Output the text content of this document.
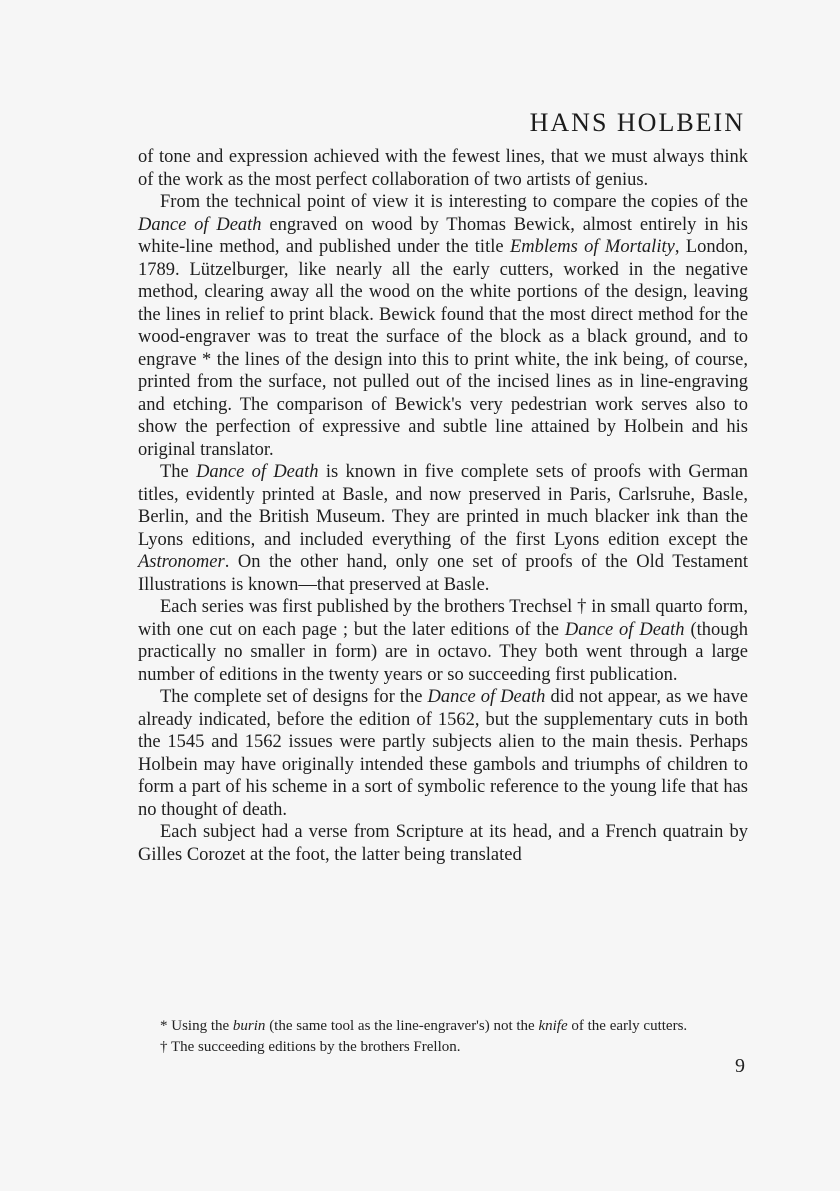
HANS HOLBEIN

of tone and expression achieved with the fewest lines, that we must always think of the work as the most perfect collaboration of two artists of genius.

From the technical point of view it is interesting to compare the copies of the Dance of Death engraved on wood by Thomas Bewick, almost entirely in his white-line method, and published under the title Emblems of Mortality, London, 1789. Lützelburger, like nearly all the early cutters, worked in the negative method, clearing away all the wood on the white portions of the design, leaving the lines in relief to print black. Bewick found that the most direct method for the wood-engraver was to treat the surface of the block as a black ground, and to engrave * the lines of the design into this to print white, the ink being, of course, printed from the surface, not pulled out of the incised lines as in line-engraving and etching. The comparison of Bewick's very pedestrian work serves also to show the perfection of expressive and subtle line attained by Holbein and his original translator.

The Dance of Death is known in five complete sets of proofs with German titles, evidently printed at Basle, and now preserved in Paris, Carlsruhe, Basle, Berlin, and the British Museum. They are printed in much blacker ink than the Lyons editions, and included everything of the first Lyons edition except the Astronomer. On the other hand, only one set of proofs of the Old Testament Illustrations is known—that preserved at Basle.

Each series was first published by the brothers Trechsel † in small quarto form, with one cut on each page ; but the later editions of the Dance of Death (though practically no smaller in form) are in octavo. They both went through a large number of editions in the twenty years or so succeeding first publication.

The complete set of designs for the Dance of Death did not appear, as we have already indicated, before the edition of 1562, but the supplementary cuts in both the 1545 and 1562 issues were partly subjects alien to the main thesis. Perhaps Holbein may have originally intended these gambols and triumphs of children to form a part of his scheme in a sort of symbolic reference to the young life that has no thought of death.

Each subject had a verse from Scripture at its head, and a French quatrain by Gilles Corozet at the foot, the latter being translated

* Using the burin (the same tool as the line-engraver's) not the knife of the early cutters.

† The succeeding editions by the brothers Frellon.

9
